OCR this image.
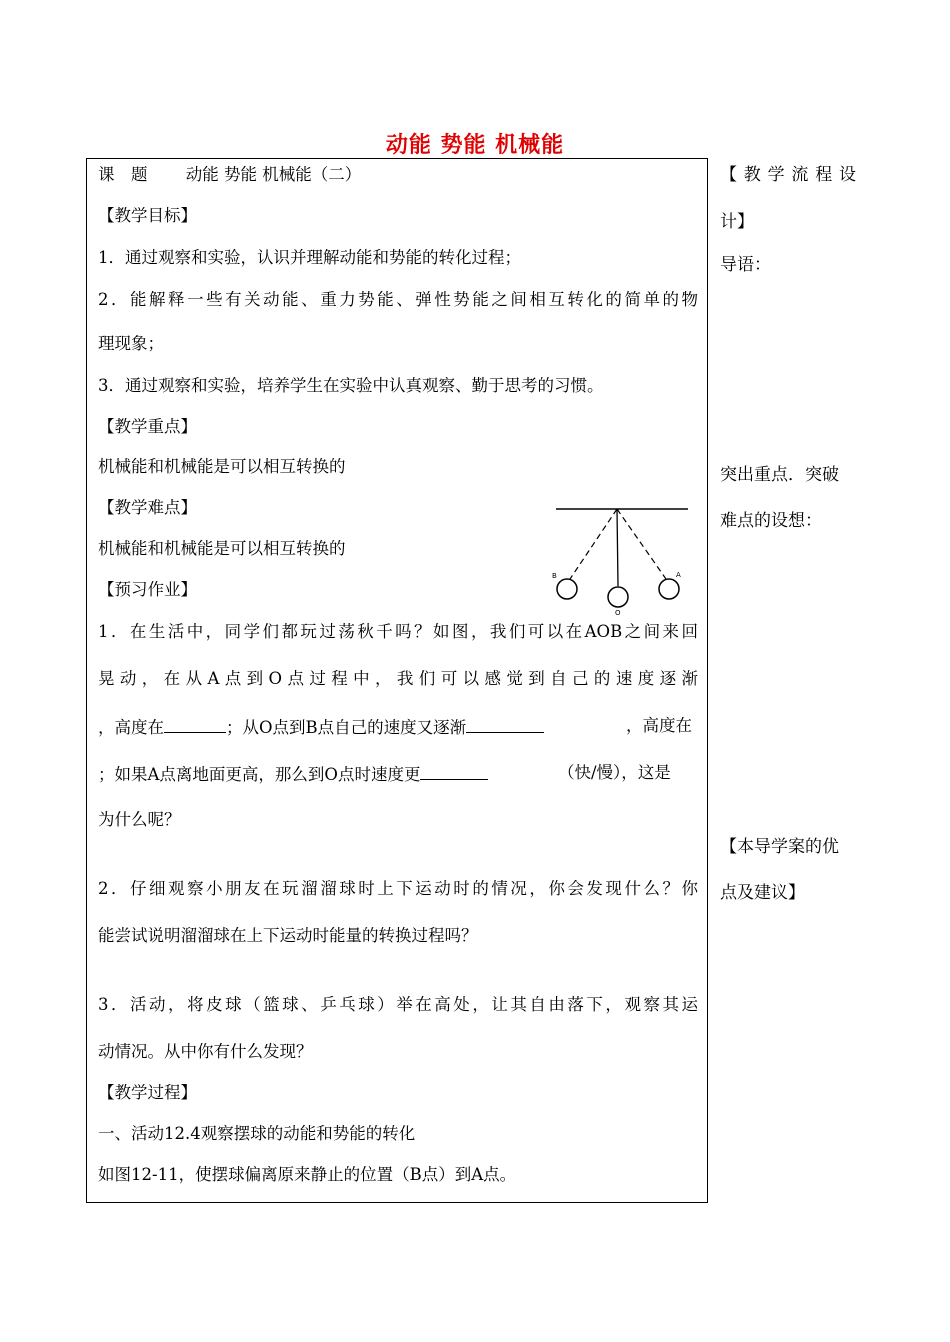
动能 势能 机械能
课　题　　 动能 势能 机械能（二）
【教学目标】
1．通过观察和实验，认识并理解动能和势能的转化过程；
2．能解释一些有关动能、重力势能、弹性势能之间相互转化的简单的物
理现象；
3．通过观察和实验，培养学生在实验中认真观察、勤于思考的习惯。
【教学重点】
机械能和机械能是可以相互转换的
【教学难点】
机械能和机械能是可以相互转换的
【预习作业】
1．在生活中，同学们都玩过荡秋千吗？如图，我们可以在AOB之间来回
晃动，在从A点到O点过程中，我们可以感觉到自己的速度逐渐
，高度在	；从O点到B点自己的速度又逐渐	，高度在
；如果A点离地面更高，那么到O点时速度更	（快/慢），这是
为什么呢？
2．仔细观察小朋友在玩溜溜球时上下运动时的情况，你会发现什么？你
能尝试说明溜溜球在上下运动时能量的转换过程吗？
3．活动，将皮球（篮球、乒乓球）举在高处，让其自由落下，观察其运
动情况。从中你有什么发现？
【教学过程】
一、活动12.4观察摆球的动能和势能的转化
如图12-11，使摆球偏离原来静止的位置（B点）到A点。
【教学流程设
计】
导语：
突出重点．突破
难点的设想：
【本导学案的优
点及建议】
B
O
A
